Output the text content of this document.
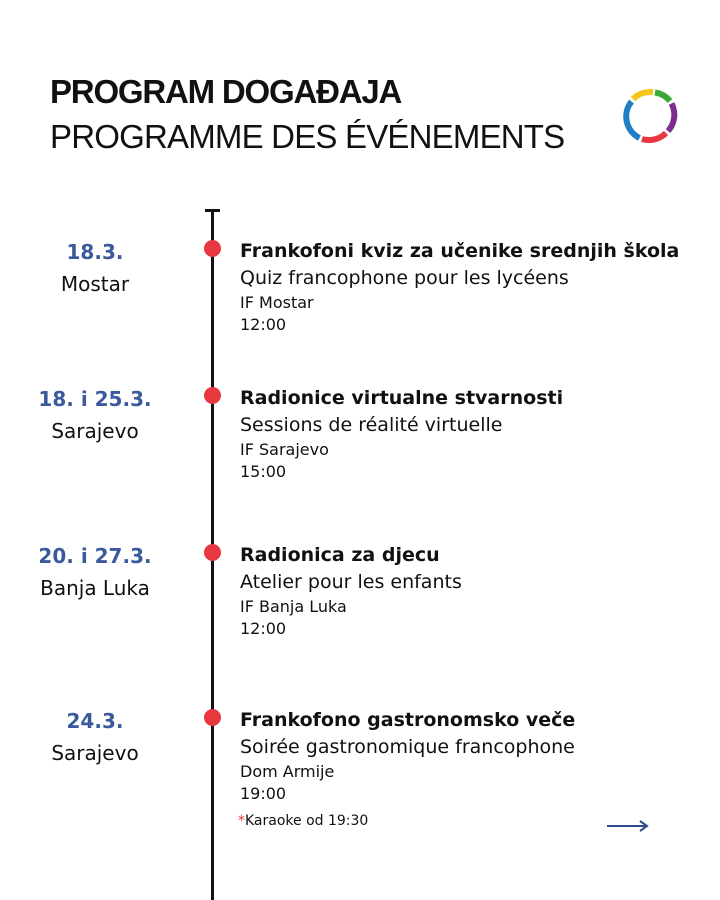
PROGRAM DOGAĐAJA
PROGRAMME DES ÉVÉNEMENTS
18.3.
Mostar
Frankofoni kviz za učenike srednjih škola
Quiz francophone pour les lycéens
IF Mostar
12:00
18. i 25.3.
Sarajevo
Radionice virtualne stvarnosti
Sessions de réalité virtuelle
IF Sarajevo
15:00
20. i 27.3.
Banja Luka
Radionica za djecu
Atelier pour les enfants
IF Banja Luka
12:00
24.3.
Sarajevo
Frankofono gastronomsko veče
Soirée gastronomique francophone
Dom Armije
19:00
*Karaoke od 19:30
